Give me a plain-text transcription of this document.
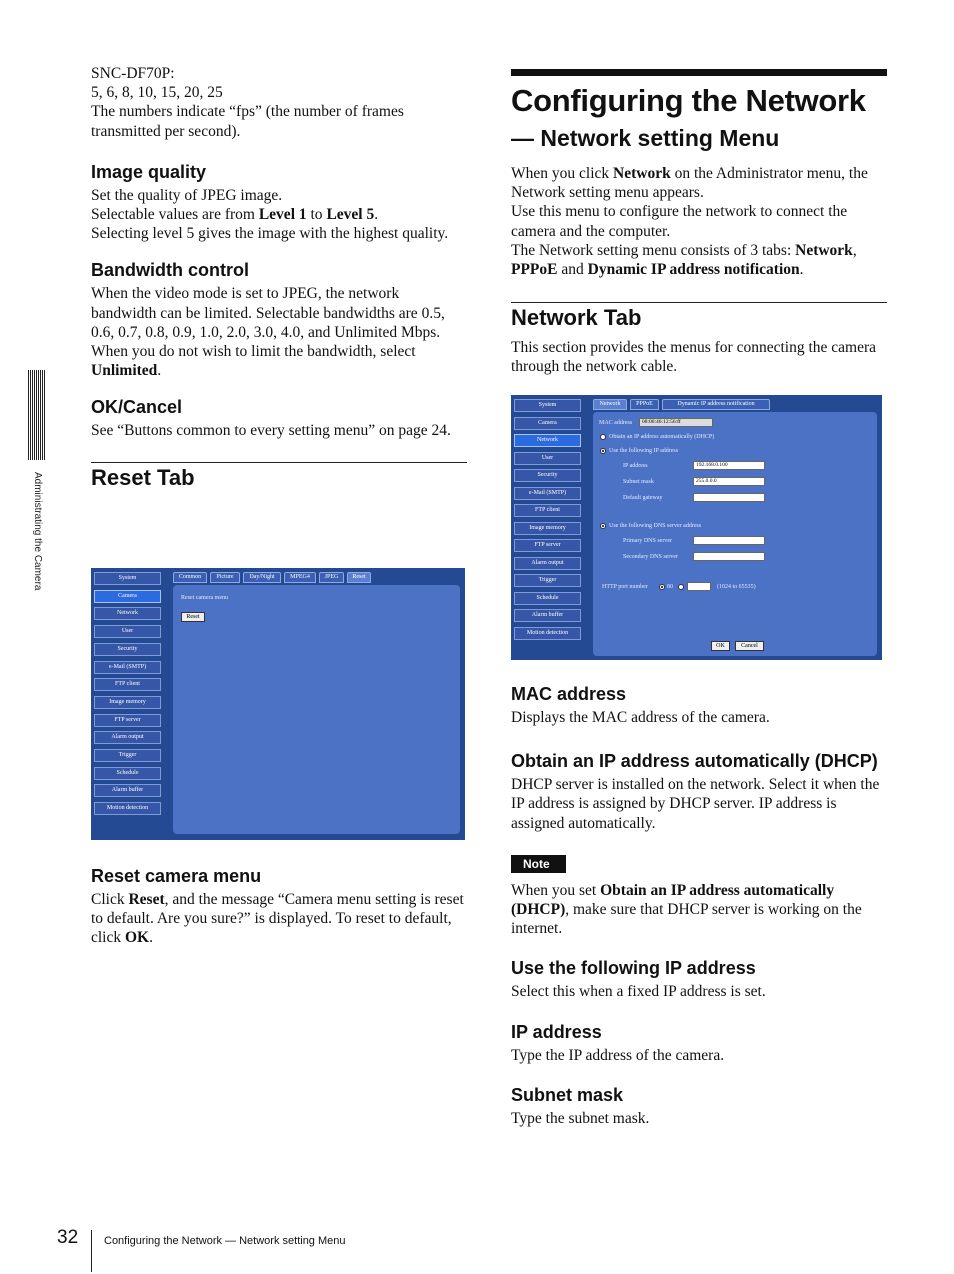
Administrating the Camera
SNC-DF70P:
5, 6, 8, 10, 15, 20, 25
The numbers indicate “fps” (the number of frames transmitted per second).
Image quality
Set the quality of JPEG image.
Selectable values are from Level 1 to Level 5.
Selecting level 5 gives the image with the highest quality.
Bandwidth control
When the video mode is set to JPEG, the network bandwidth can be limited. Selectable bandwidths are 0.5, 0.6, 0.7, 0.8, 0.9, 1.0, 2.0, 3.0, 4.0, and Unlimited Mbps. When you do not wish to limit the bandwidth, select Unlimited.
OK/Cancel
See “Buttons common to every setting menu” on page 24.
Reset Tab
System
Camera
Network
User
Security
e-Mail (SMTP)
FTP client
Image memory
FTP server
Alarm output
Trigger
Schedule
Alarm buffer
Motion detection
Common	Picture	Day/Night	MPEG4	JPEG	Reset
Reset camera menu
Reset
Reset camera menu
Click Reset, and the message “Camera menu setting is reset to default. Are you sure?” is displayed. To reset to default, click OK.
Configuring the Network
— Network setting Menu
When you click Network on the Administrator menu, the Network setting menu appears.
Use this menu to configure the network to connect the camera and the computer.
The Network setting menu consists of 3 tabs: Network, PPPoE and Dynamic IP address notification.
Network Tab
This section provides the menus for connecting the camera through the network cable.
System
Camera
Network
User
Security
e-Mail (SMTP)
FTP client
Image memory
FTP server
Alarm output
Trigger
Schedule
Alarm buffer
Motion detection
Network	PPPoE	Dynamic IP address notification
MAC address	08:00:46:12:56:ff
Obtain an IP address automatically (DHCP)
Use the following IP address
IP address	192.168.0.100
Subnet mask	255.0.0.0
Default gateway
Use the following DNS server address
Primary DNS server
Secondary DNS server
HTTP port number	80	(1024 to 65535)
OK	Cancel
MAC address
Displays the MAC address of the camera.
Obtain an IP address automatically (DHCP)
DHCP server is installed on the network. Select it when the IP address is assigned by DHCP server. IP address is assigned automatically.
Note
When you set Obtain an IP address automatically (DHCP), make sure that DHCP server is working on the internet.
Use the following IP address
Select this when a fixed IP address is set.
IP address
Type the IP address of the camera.
Subnet mask
Type the subnet mask.
32 Configuring the Network — Network setting Menu
